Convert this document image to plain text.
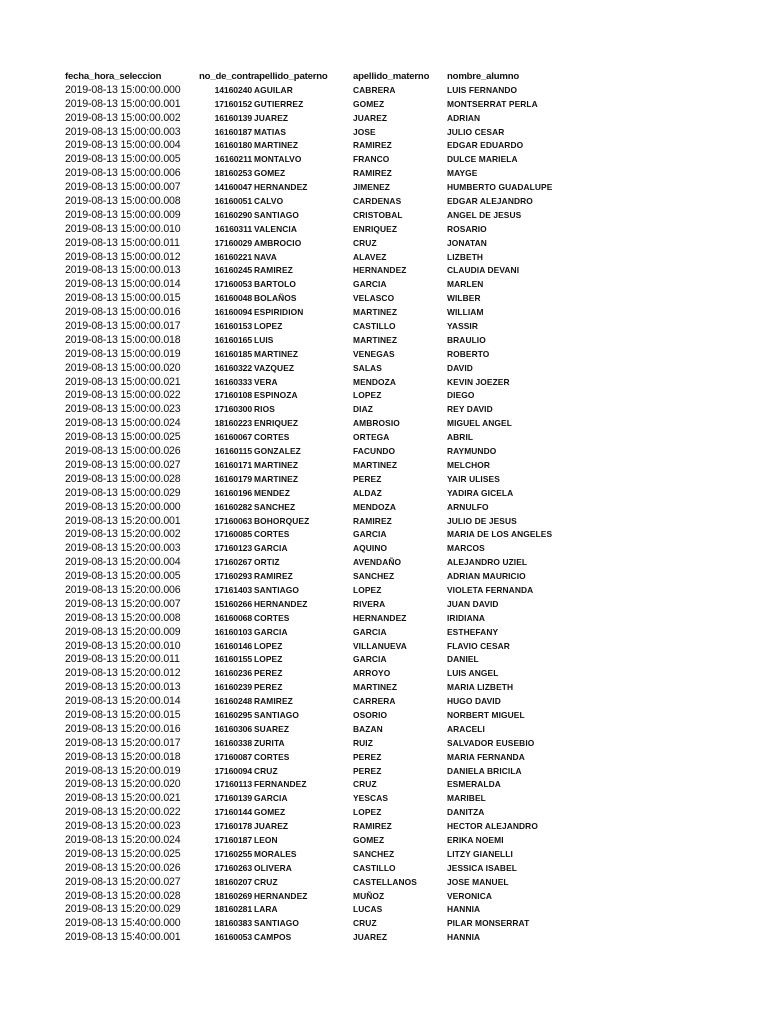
fecha_hora_seleccion	no_de_contr apellido_paterno	apellido_materno	nombre_alumno
2019-08-13 15:00:00.000	14160240 AGUILAR	CABRERA	LUIS FERNANDO
2019-08-13 15:00:00.001	17160152 GUTIERREZ	GOMEZ	MONTSERRAT PERLA
2019-08-13 15:00:00.002	16160139 JUAREZ	JUAREZ	ADRIAN
2019-08-13 15:00:00.003	16160187 MATIAS	JOSE	JULIO CESAR
2019-08-13 15:00:00.004	16160180 MARTINEZ	RAMIREZ	EDGAR EDUARDO
2019-08-13 15:00:00.005	16160211 MONTALVO	FRANCO	DULCE MARIELA
2019-08-13 15:00:00.006	18160253 GOMEZ	RAMIREZ	MAYGE
2019-08-13 15:00:00.007	14160047 HERNANDEZ	JIMENEZ	HUMBERTO GUADALUPE
2019-08-13 15:00:00.008	16160051 CALVO	CARDENAS	EDGAR ALEJANDRO
2019-08-13 15:00:00.009	16160290 SANTIAGO	CRISTOBAL	ANGEL DE JESUS
2019-08-13 15:00:00.010	16160311 VALENCIA	ENRIQUEZ	ROSARIO
2019-08-13 15:00:00.011	17160029 AMBROCIO	CRUZ	JONATAN
2019-08-13 15:00:00.012	16160221 NAVA	ALAVEZ	LIZBETH
2019-08-13 15:00:00.013	16160245 RAMIREZ	HERNANDEZ	CLAUDIA DEVANI
2019-08-13 15:00:00.014	17160053 BARTOLO	GARCIA	MARLEN
2019-08-13 15:00:00.015	16160048 BOLAÑOS	VELASCO	WILBER
2019-08-13 15:00:00.016	16160094 ESPIRIDION	MARTINEZ	WILLIAM
2019-08-13 15:00:00.017	16160153 LOPEZ	CASTILLO	YASSIR
2019-08-13 15:00:00.018	16160165 LUIS	MARTINEZ	BRAULIO
2019-08-13 15:00:00.019	16160185 MARTINEZ	VENEGAS	ROBERTO
2019-08-13 15:00:00.020	16160322 VAZQUEZ	SALAS	DAVID
2019-08-13 15:00:00.021	16160333 VERA	MENDOZA	KEVIN JOEZER
2019-08-13 15:00:00.022	17160108 ESPINOZA	LOPEZ	DIEGO
2019-08-13 15:00:00.023	17160300 RIOS	DIAZ	REY DAVID
2019-08-13 15:00:00.024	18160223 ENRIQUEZ	AMBROSIO	MIGUEL ANGEL
2019-08-13 15:00:00.025	16160067 CORTES	ORTEGA	ABRIL
2019-08-13 15:00:00.026	16160115 GONZALEZ	FACUNDO	RAYMUNDO
2019-08-13 15:00:00.027	16160171 MARTINEZ	MARTINEZ	MELCHOR
2019-08-13 15:00:00.028	16160179 MARTINEZ	PEREZ	YAIR ULISES
2019-08-13 15:00:00.029	16160196 MENDEZ	ALDAZ	YADIRA GICELA
2019-08-13 15:20:00.000	16160282 SANCHEZ	MENDOZA	ARNULFO
2019-08-13 15:20:00.001	17160063 BOHORQUEZ	RAMIREZ	JULIO DE JESUS
2019-08-13 15:20:00.002	17160085 CORTES	GARCIA	MARIA DE LOS ANGELES
2019-08-13 15:20:00.003	17160123 GARCIA	AQUINO	MARCOS
2019-08-13 15:20:00.004	17160267 ORTIZ	AVENDAÑO	ALEJANDRO UZIEL
2019-08-13 15:20:00.005	17160293 RAMIREZ	SANCHEZ	ADRIAN MAURICIO
2019-08-13 15:20:00.006	17161403 SANTIAGO	LOPEZ	VIOLETA FERNANDA
2019-08-13 15:20:00.007	15160266 HERNANDEZ	RIVERA	JUAN DAVID
2019-08-13 15:20:00.008	16160068 CORTES	HERNANDEZ	IRIDIANA
2019-08-13 15:20:00.009	16160103 GARCIA	GARCIA	ESTHEFANY
2019-08-13 15:20:00.010	16160146 LOPEZ	VILLANUEVA	FLAVIO CESAR
2019-08-13 15:20:00.011	16160155 LOPEZ	GARCIA	DANIEL
2019-08-13 15:20:00.012	16160236 PEREZ	ARROYO	LUIS ANGEL
2019-08-13 15:20:00.013	16160239 PEREZ	MARTINEZ	MARIA LIZBETH
2019-08-13 15:20:00.014	16160248 RAMIREZ	CARRERA	HUGO DAVID
2019-08-13 15:20:00.015	16160295 SANTIAGO	OSORIO	NORBERT MIGUEL
2019-08-13 15:20:00.016	16160306 SUAREZ	BAZAN	ARACELI
2019-08-13 15:20:00.017	16160338 ZURITA	RUIZ	SALVADOR EUSEBIO
2019-08-13 15:20:00.018	17160087 CORTES	PEREZ	MARIA FERNANDA
2019-08-13 15:20:00.019	17160094 CRUZ	PEREZ	DANIELA BRICILA
2019-08-13 15:20:00.020	17160113 FERNANDEZ	CRUZ	ESMERALDA
2019-08-13 15:20:00.021	17160139 GARCIA	YESCAS	MARIBEL
2019-08-13 15:20:00.022	17160144 GOMEZ	LOPEZ	DANITZA
2019-08-13 15:20:00.023	17160178 JUAREZ	RAMIREZ	HECTOR ALEJANDRO
2019-08-13 15:20:00.024	17160187 LEON	GOMEZ	ERIKA NOEMI
2019-08-13 15:20:00.025	17160255 MORALES	SANCHEZ	LITZY GIANELLI
2019-08-13 15:20:00.026	17160263 OLIVERA	CASTILLO	JESSICA ISABEL
2019-08-13 15:20:00.027	18160207 CRUZ	CASTELLANOS	JOSE MANUEL
2019-08-13 15:20:00.028	18160269 HERNANDEZ	MUÑOZ	VERONICA
2019-08-13 15:20:00.029	18160281 LARA	LUCAS	HANNIA
2019-08-13 15:40:00.000	18160383 SANTIAGO	CRUZ	PILAR MONSERRAT
2019-08-13 15:40:00.001	16160053 CAMPOS	JUAREZ	HANNIA
